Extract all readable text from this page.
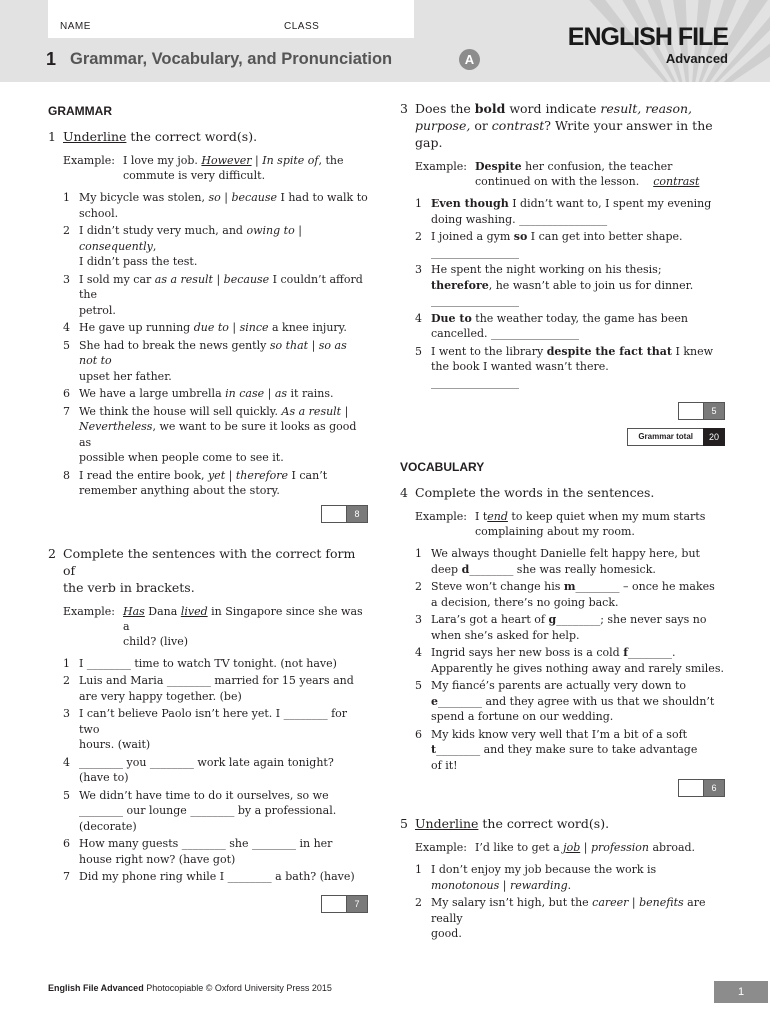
NAME	CLASS
1 Grammar, Vocabulary, and Pronunciation	A
ENGLISH FILE
Advanced
GRAMMAR
1 Underline the correct word(s).
Example: I love my job. However | In spite of, the
commute is very difficult.
1 My bicycle was stolen, so | because I had to walk to
school.
2 I didn’t study very much, and owing to | consequently,
I didn’t pass the test.
3 I sold my car as a result | because I couldn’t afford the
petrol.
4 He gave up running due to | since a knee injury.
5 She had to break the news gently so that | so as not to
upset her father.
6 We have a large umbrella in case | as it rains.
7 We think the house will sell quickly. As a result |
Nevertheless, we want to be sure it looks as good as
possible when people come to see it.
8 I read the entire book, yet | therefore I can’t
remember anything about the story.
8
2 Complete the sentences with the correct form of
the verb in brackets.
Example: Has Dana lived in Singapore since she was a
child? (live)
1 I ________ time to watch TV tonight. (not have)
2 Luis and Maria ________ married for 15 years and
are very happy together. (be)
3 I can’t believe Paolo isn’t here yet. I ________ for two
hours. (wait)
4 ________ you ________ work late again tonight?
(have to)
5 We didn’t have time to do it ourselves, so we
________ our lounge ________ by a professional.
(decorate)
6 How many guests ________ she ________ in her
house right now? (have got)
7 Did my phone ring while I ________ a bath? (have)
7
3 Does the bold word indicate result, reason,
purpose, or contrast? Write your answer in the gap.
Example: Despite her confusion, the teacher
continued on with the lesson. contrast
1 Even though I didn’t want to, I spent my evening
doing washing. ________________
2 I joined a gym so I can get into better shape.
________________
3 He spent the night working on his thesis;
therefore, he wasn’t able to join us for dinner.
________________
4 Due to the weather today, the game has been
cancelled. ________________
5 I went to the library despite the fact that I knew
the book I wanted wasn’t there.
________________
5
Grammar total	20
VOCABULARY
4 Complete the words in the sentences.
Example: I tend to keep quiet when my mum starts
complaining about my room.
1 We always thought Danielle felt happy here, but
deep d________ she was really homesick.
2 Steve won’t change his m________ – once he makes
a decision, there’s no going back.
3 Lara’s got a heart of g________; she never says no
when she’s asked for help.
4 Ingrid says her new boss is a cold f________.
Apparently he gives nothing away and rarely smiles.
5 My fiancé’s parents are actually very down to
e________ and they agree with us that we shouldn’t
spend a fortune on our wedding.
6 My kids know very well that I’m a bit of a soft
t________ and they make sure to take advantage
of it!
6
5 Underline the correct word(s).
Example: I’d like to get a job | profession abroad.
1 I don’t enjoy my job because the work is
monotonous | rewarding.
2 My salary isn’t high, but the career | benefits are really
good.
English File Advanced Photocopiable © Oxford University Press 2015	1
